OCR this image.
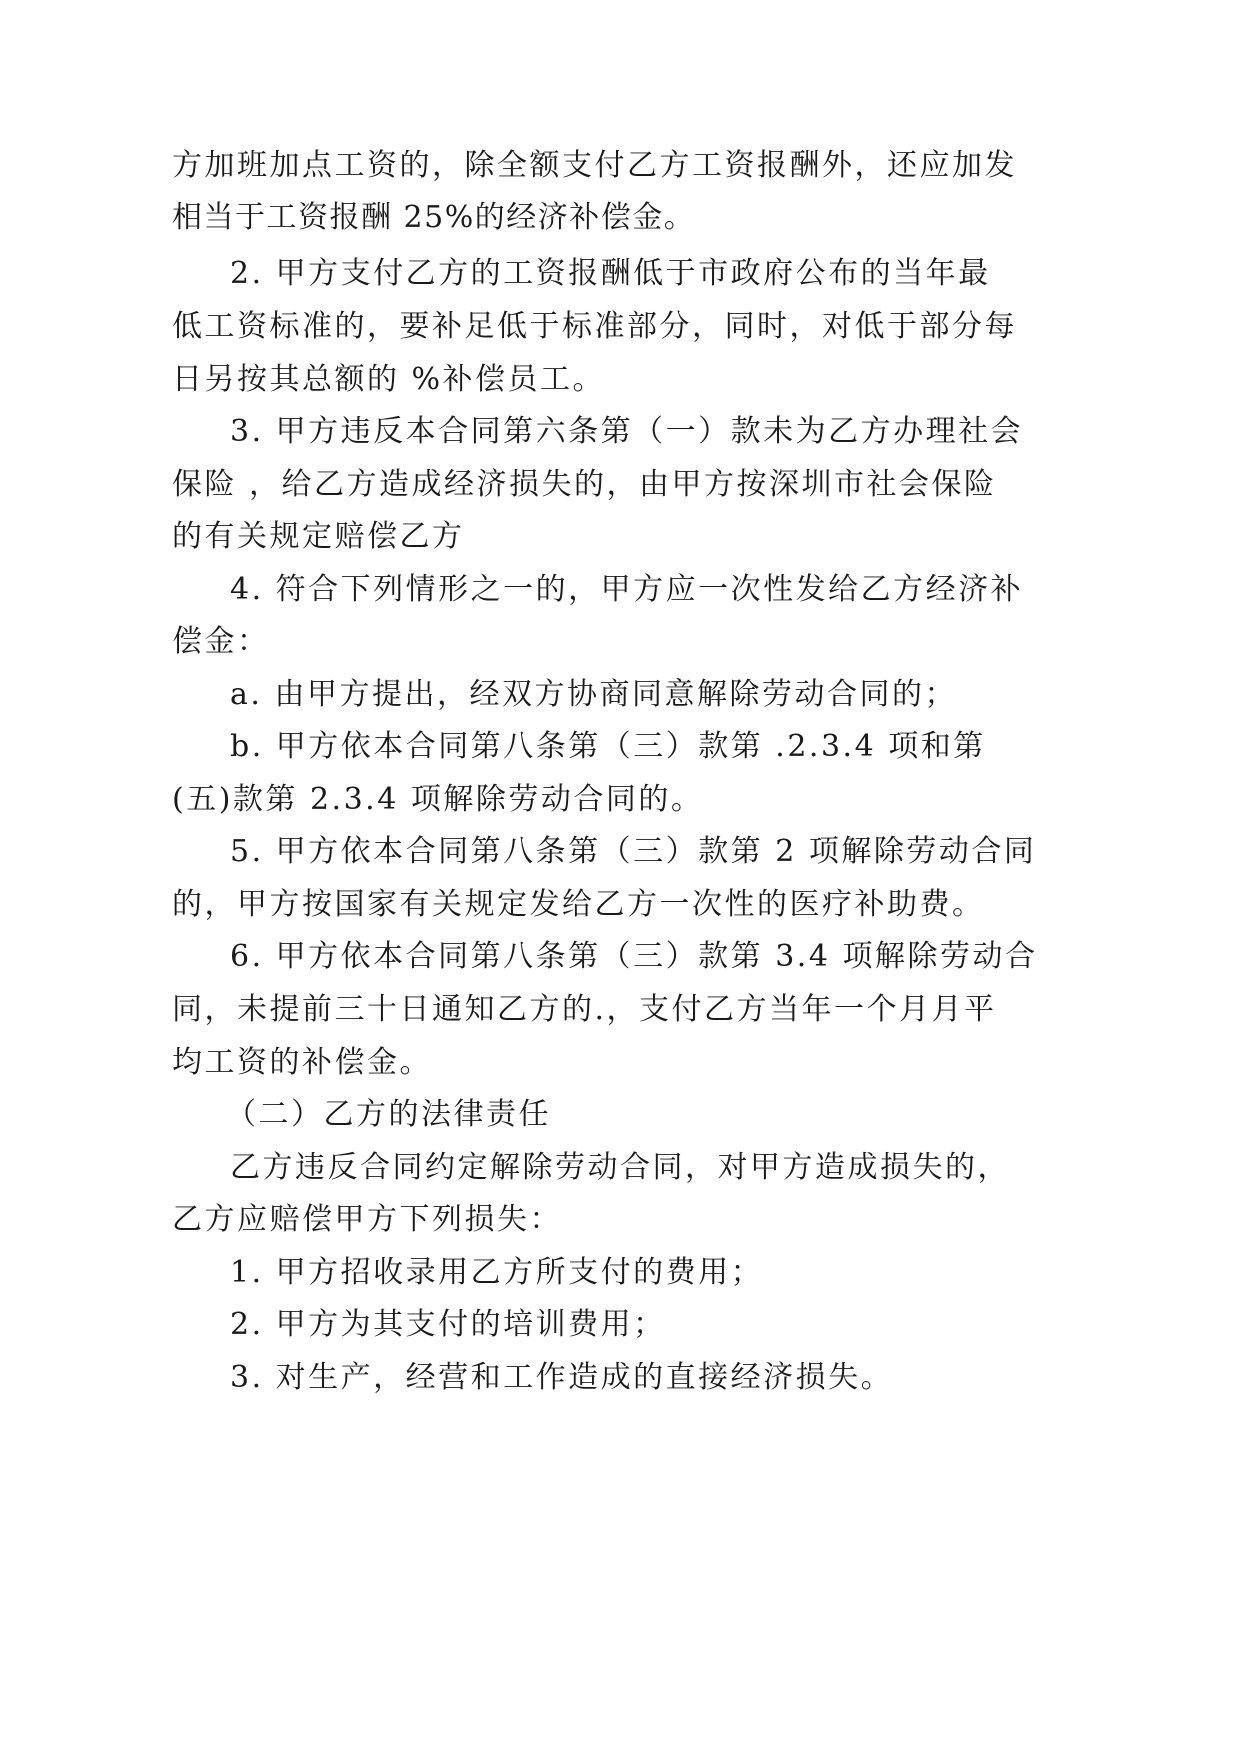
方加班加点工资的，除全额支付乙方工资报酬外，还应加发
相当于工资报酬 25%的经济补偿金。
2. 甲方支付乙方的工资报酬低于市政府公布的当年最
低工资标准的，要补足低于标准部分，同时，对低于部分每
日另按其总额的 %补偿员工。
3. 甲方违反本合同第六条第（一）款未为乙方办理社会
保险 ，给乙方造成经济损失的，由甲方按深圳市社会保险
的有关规定赔偿乙方
4. 符合下列情形之一的，甲方应一次性发给乙方经济补
偿金：
a. 由甲方提出，经双方协商同意解除劳动合同的；
b. 甲方依本合同第八条第（三）款第 .2.3.4 项和第
(五)款第 2.3.4 项解除劳动合同的。
5. 甲方依本合同第八条第（三）款第 2 项解除劳动合同
的，甲方按国家有关规定发给乙方一次性的医疗补助费。
6. 甲方依本合同第八条第（三）款第 3.4 项解除劳动合
同，未提前三十日通知乙方的.，支付乙方当年一个月月平
均工资的补偿金。
（二）乙方的法律责任
乙方违反合同约定解除劳动合同，对甲方造成损失的，
乙方应赔偿甲方下列损失：
1. 甲方招收录用乙方所支付的费用；
2. 甲方为其支付的培训费用；
3. 对生产，经营和工作造成的直接经济损失。
